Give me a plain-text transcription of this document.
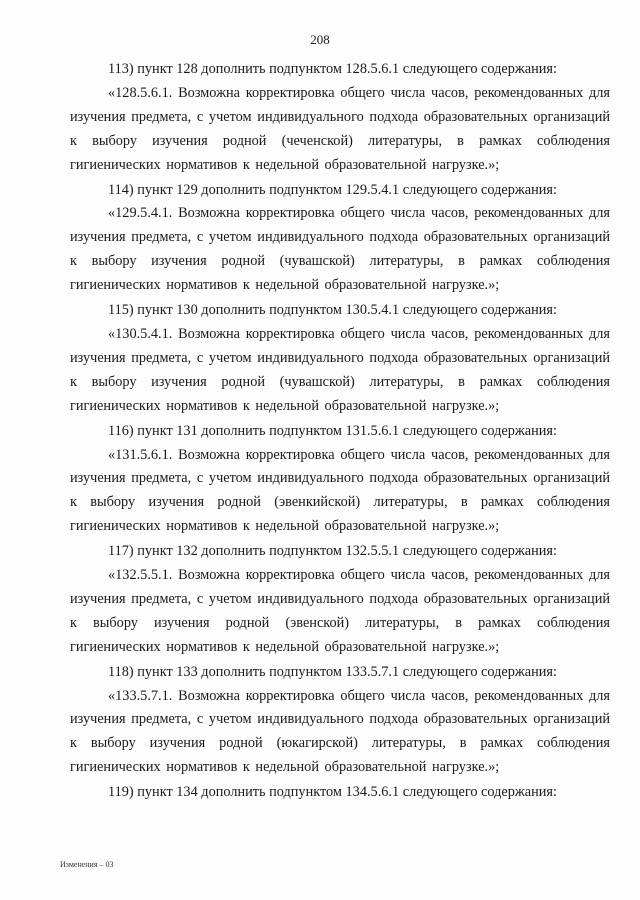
208

113) пункт 128 дополнить подпунктом 128.5.6.1 следующего содержания:

«128.5.6.1. Возможна корректировка общего числа часов, рекомендованных для изучения предмета, с учетом индивидуального подхода образовательных организаций к выбору изучения родной (чеченской) литературы, в рамках соблюдения гигиенических нормативов к недельной образовательной нагрузке.»;

114) пункт 129 дополнить подпунктом 129.5.4.1 следующего содержания:

«129.5.4.1. Возможна корректировка общего числа часов, рекомендованных для изучения предмета, с учетом индивидуального подхода образовательных организаций к выбору изучения родной (чувашской) литературы, в рамках соблюдения гигиенических нормативов к недельной образовательной нагрузке.»;

115) пункт 130 дополнить подпунктом 130.5.4.1 следующего содержания:

«130.5.4.1. Возможна корректировка общего числа часов, рекомендованных для изучения предмета, с учетом индивидуального подхода образовательных организаций к выбору изучения родной (чувашской) литературы, в рамках соблюдения гигиенических нормативов к недельной образовательной нагрузке.»;

116) пункт 131 дополнить подпунктом 131.5.6.1 следующего содержания:

«131.5.6.1. Возможна корректировка общего числа часов, рекомендованных для изучения предмета, с учетом индивидуального подхода образовательных организаций к выбору изучения родной (эвенкийской) литературы, в рамках соблюдения гигиенических нормативов к недельной образовательной нагрузке.»;

117) пункт 132 дополнить подпунктом 132.5.5.1 следующего содержания:

«132.5.5.1. Возможна корректировка общего числа часов, рекомендованных для изучения предмета, с учетом индивидуального подхода образовательных организаций к выбору изучения родной (эвенской) литературы, в рамках соблюдения гигиенических нормативов к недельной образовательной нагрузке.»;

118) пункт 133 дополнить подпунктом 133.5.7.1 следующего содержания:

«133.5.7.1. Возможна корректировка общего числа часов, рекомендованных для изучения предмета, с учетом индивидуального подхода образовательных организаций к выбору изучения родной (юкагирской) литературы, в рамках соблюдения гигиенических нормативов к недельной образовательной нагрузке.»;

119) пункт 134 дополнить подпунктом 134.5.6.1 следующего содержания:

Изменения – 03
